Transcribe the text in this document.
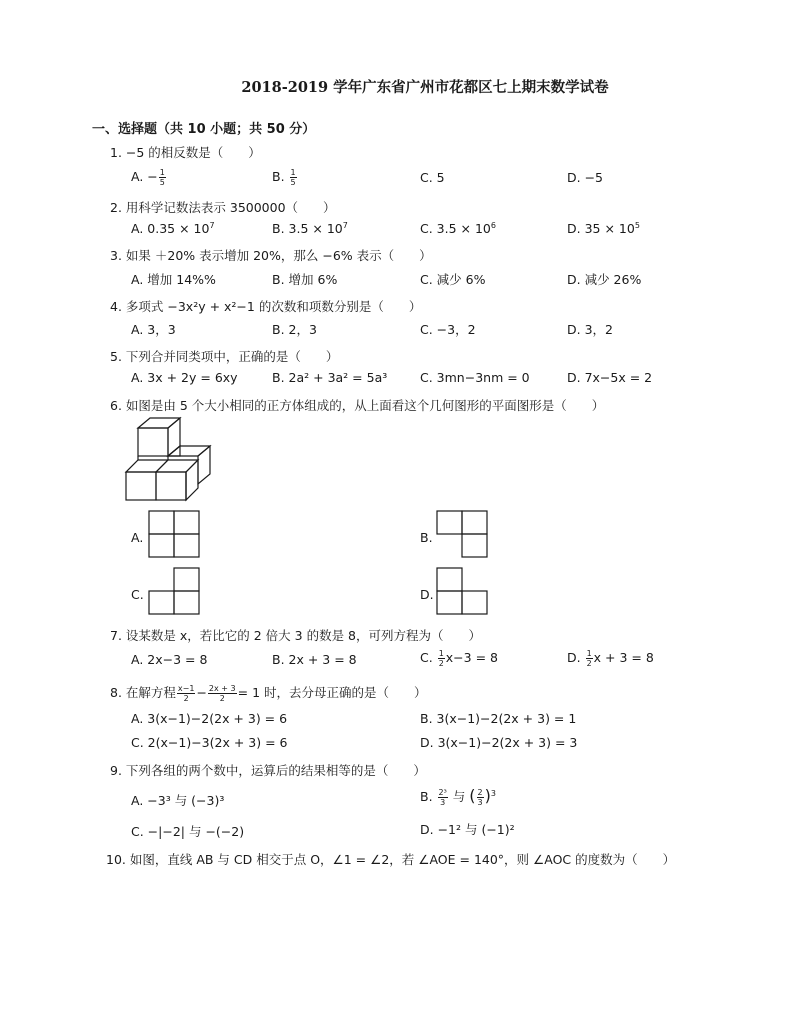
2018-2019 学年广东省广州市花都区七上期末数学试卷
一、选择题（共 10 小题；共 50 分）
1. −5 的相反数是（　　）
A. − $\frac{1}{5}$	B. $\frac{1}{5}$	C. 5	D. −5
2. 用科学记数法表示 3500000（　　）
A. $0.35 \times 10^7$	B. $3.5 \times 10^7$	C. $3.5 \times 10^6$	D. $35 \times 10^5$
3. 如果 ＋20% 表示增加 20%，那么 −6% 表示（　　）
A. 增加 14%%	B. 增加 6%	C. 减少 6%	D. 减少 26%
4. 多项式 −3x²y + x²−1 的次数和项数分别是（　　）
A. 3，3	B. 2，3	C. −3，2	D. 3，2
5. 下列合并同类项中，正确的是（　　）
A. 3x + 2y = 6xy	B. 2a² + 3a² = 5a³	C. 3mn−3nm = 0	D. 7x−5x = 2
6. 如图是由 5 个大小相同的正方体组成的，从上面看这个几何图形的平面图形是（　　）
A.	B.
C.	D.
7. 设某数是 x，若比它的 2 倍大 3 的数是 8，可列方程为（　　）
A. 2x−3 = 8	B. 2x + 3 = 8	C. $\frac{1}{2} x-3 = 8$	D. $\frac{1}{2}$ x + 3 = 8
8. 在解方程 $\frac{x-1}{2} - \frac{2x + 3}{2} = 1$ 时，去分母正确的是（　　）
A. 3(x−1)−2(2x + 3) = 6	B. 3(x−1)−2(2x + 3) = 1
C. 2(x−1)−3(2x + 3) = 6	D. 3(x−1)−2(2x + 3) = 3
9. 下列各组的两个数中，运算后的结果相等的是（　　）
A. −3³ 与 (−3)³	B. $\frac{\text{2³}}{3}$ 与 ( $\frac{2}{3} )^3$
C. −|−2| 与 −(−2)	D. −1² 与 (−1)²
10. 如图，直线 AB 与 CD 相交于点 O，∠1 = ∠2，若 ∠AOE = 140°，则 ∠AOC 的度数为（　　）
